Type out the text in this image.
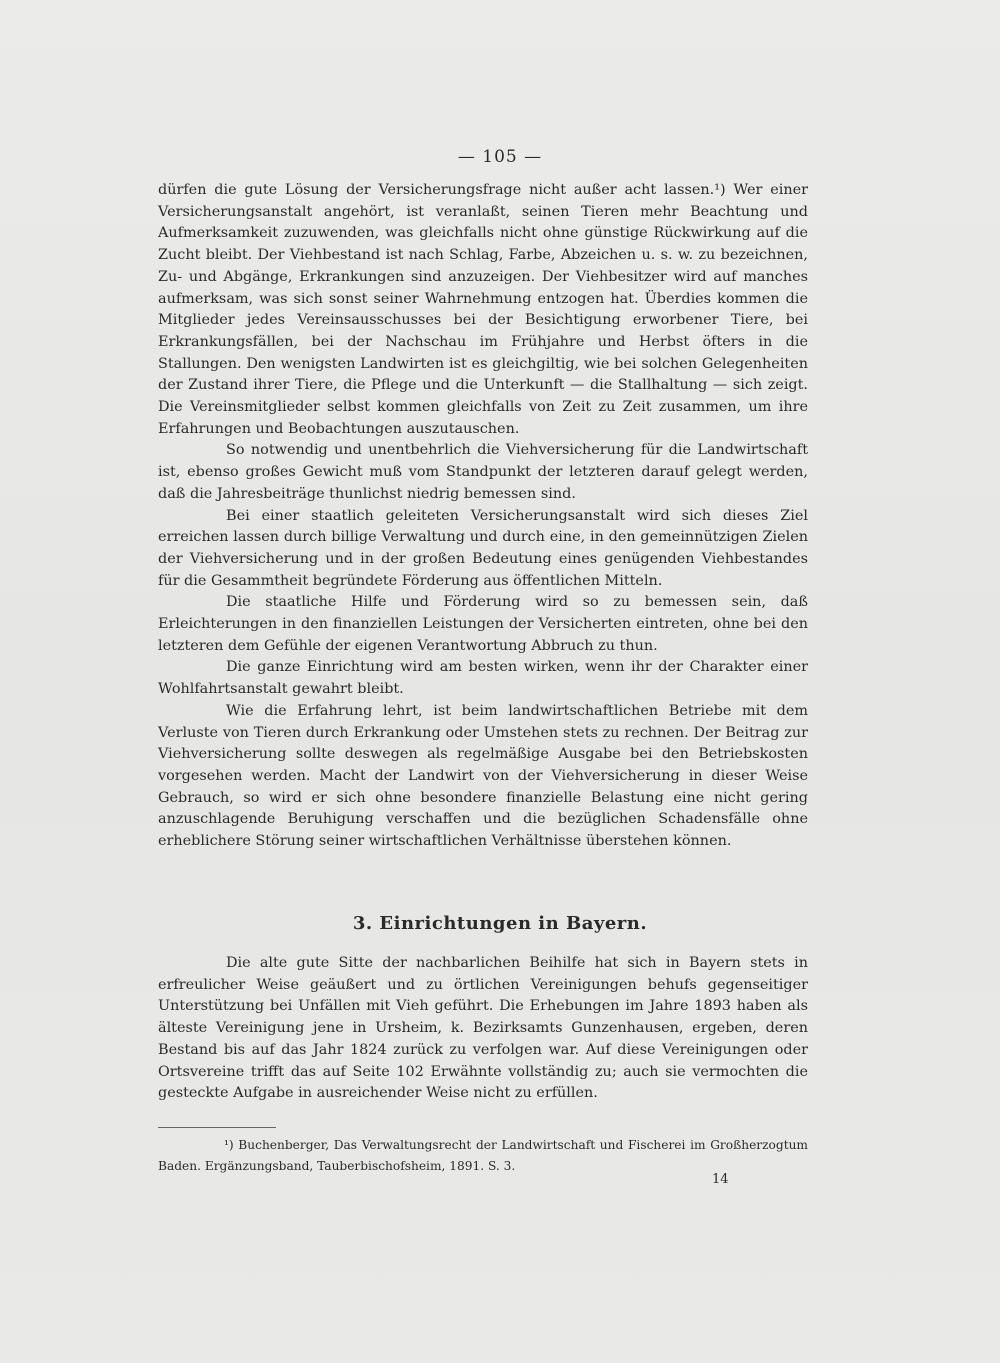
— 105 —

dürfen die gute Lösung der Versicherungsfrage nicht außer acht lassen.¹) Wer einer Versicherungsanstalt angehört, ist veranlaßt, seinen Tieren mehr Beachtung und Aufmerksamkeit zuzuwenden, was gleichfalls nicht ohne günstige Rückwirkung auf die Zucht bleibt. Der Viehbestand ist nach Schlag, Farbe, Abzeichen u. s. w. zu bezeichnen, Zu- und Abgänge, Erkrankungen sind anzuzeigen. Der Viehbesitzer wird auf manches aufmerksam, was sich sonst seiner Wahrnehmung entzogen hat. Überdies kommen die Mitglieder jedes Vereinsausschusses bei der Besichtigung erworbener Tiere, bei Erkrankungsfällen, bei der Nachschau im Frühjahre und Herbst öfters in die Stallungen. Den wenigsten Landwirten ist es gleichgiltig, wie bei solchen Gelegenheiten der Zustand ihrer Tiere, die Pflege und die Unterkunft — die Stallhaltung — sich zeigt. Die Vereinsmitglieder selbst kommen gleichfalls von Zeit zu Zeit zusammen, um ihre Erfahrungen und Beobachtungen auszutauschen.

So notwendig und unentbehrlich die Viehversicherung für die Landwirtschaft ist, ebenso großes Gewicht muß vom Standpunkt der letzteren darauf gelegt werden, daß die Jahresbeiträge thunlichst niedrig bemessen sind.

Bei einer staatlich geleiteten Versicherungsanstalt wird sich dieses Ziel erreichen lassen durch billige Verwaltung und durch eine, in den gemeinnützigen Zielen der Viehversicherung und in der großen Bedeutung eines genügenden Viehbestandes für die Gesammtheit begründete Förderung aus öffentlichen Mitteln.

Die staatliche Hilfe und Förderung wird so zu bemessen sein, daß Erleichterungen in den finanziellen Leistungen der Versicherten eintreten, ohne bei den letzteren dem Gefühle der eigenen Verantwortung Abbruch zu thun.

Die ganze Einrichtung wird am besten wirken, wenn ihr der Charakter einer Wohlfahrtsanstalt gewahrt bleibt.

Wie die Erfahrung lehrt, ist beim landwirtschaftlichen Betriebe mit dem Verluste von Tieren durch Erkrankung oder Umstehen stets zu rechnen. Der Beitrag zur Viehversicherung sollte deswegen als regelmäßige Ausgabe bei den Betriebskosten vorgesehen werden. Macht der Landwirt von der Viehversicherung in dieser Weise Gebrauch, so wird er sich ohne besondere finanzielle Belastung eine nicht gering anzuschlagende Beruhigung verschaffen und die bezüglichen Schadensfälle ohne erheblichere Störung seiner wirtschaftlichen Verhältnisse überstehen können.

3. Einrichtungen in Bayern.

Die alte gute Sitte der nachbarlichen Beihilfe hat sich in Bayern stets in erfreulicher Weise geäußert und zu örtlichen Vereinigungen behufs gegenseitiger Unterstützung bei Unfällen mit Vieh geführt. Die Erhebungen im Jahre 1893 haben als älteste Vereinigung jene in Ursheim, k. Bezirksamts Gunzenhausen, ergeben, deren Bestand bis auf das Jahr 1824 zurück zu verfolgen war. Auf diese Vereinigungen oder Ortsvereine trifft das auf Seite 102 Erwähnte vollständig zu; auch sie vermochten die gesteckte Aufgabe in ausreichender Weise nicht zu erfüllen.

¹) Buchenberger, Das Verwaltungsrecht der Landwirtschaft und Fischerei im Großherzogtum Baden. Ergänzungsband, Tauberbischofsheim, 1891. S. 3.

14
